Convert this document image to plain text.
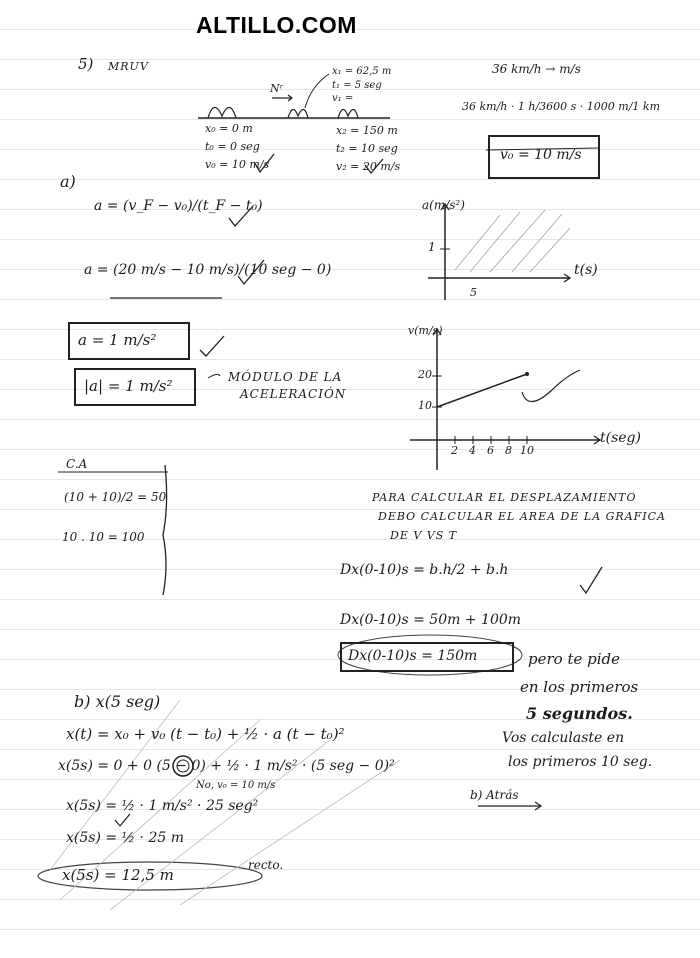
ALTILLO.COM
5) MRUV
Nʳ
x₁ = 62,5 m
t₁ = 5 seg
v₁ =
x₀ = 0 m
t₀ = 0 seg
v₀ = 10 m/s
x₂ = 150 m
t₂ = 10 seg
v₂ = 20 m/s
36 km/h → m/s
36 km/h · 1 h/3600 s · 1000 m/1 km
v₀ = 10 m/s
a)
a = (v_F − v₀)/(t_F − t₀)
a = (20 m/s − 10 m/s)/(10 seg − 0)
a = 1 m/s²
|a| = 1 m/s²	MÓDULO DE LA
ACELERACIÓN
a(m/s²)
t(s)
1
5
v(m/s)
t(seg)
20
10
2 4 6 8 10
C.A
(10 + 10)/2 = 50
10 . 10 = 100
PARA CALCULAR EL DESPLAZAMIENTO
DEBO CALCULAR EL AREA DE LA GRAFICA
DE V VS T
Dx(0-10)s = b.h/2 + b.h
Dx(0-10)s = 50m + 100m
Dx(0-10)s = 150m	pero te pide
en los primeros
5 segundos.
Vos calculaste en
los primeros 10 seg.
b) Atrás
b) x(5 seg)
x(t) = x₀ + v₀ (t − t₀) + ½ · a (t − t₀)²
x(5s) = 0 + 0 (5 − 0) + ½ · 1 m/s² · (5 seg − 0)²
No, v₀ = 10 m/s
x(5s) = ½ · 1 m/s² · 25 seg²
x(5s) = ½ · 25 m
x(5s) = 12,5 m
recto.
